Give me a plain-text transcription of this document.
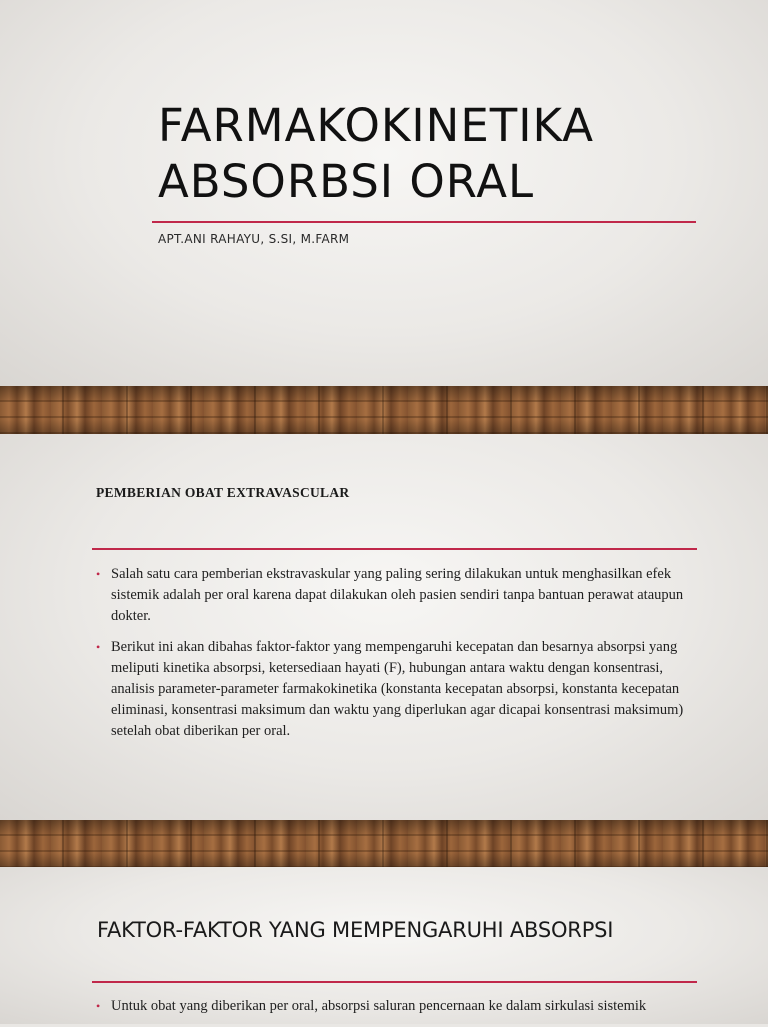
FARMAKOKINETIKA
ABSORBSI ORAL
APT.ANI RAHAYU, S.SI, M.FARM
PEMBERIAN OBAT EXTRAVASCULAR
• Salah satu cara pemberian ekstravaskular yang paling sering dilakukan untuk menghasilkan efek sistemik adalah per oral karena dapat dilakukan oleh pasien sendiri tanpa bantuan perawat ataupun dokter.
• Berikut ini akan dibahas faktor-faktor yang mempengaruhi kecepatan dan besarnya absorpsi yang meliputi kinetika absorpsi, ketersediaan hayati (F), hubungan antara waktu dengan konsentrasi, analisis parameter-parameter farmakokinetika (konstanta kecepatan absorpsi, konstanta kecepatan eliminasi, konsentrasi maksimum dan waktu yang diperlukan agar dicapai konsentrasi maksimum) setelah obat diberikan per oral.
FAKTOR-FAKTOR YANG MEMPENGARUHI ABSORPSI
• Untuk obat yang diberikan per oral, absorpsi saluran pencernaan ke dalam sirkulasi sistemik
